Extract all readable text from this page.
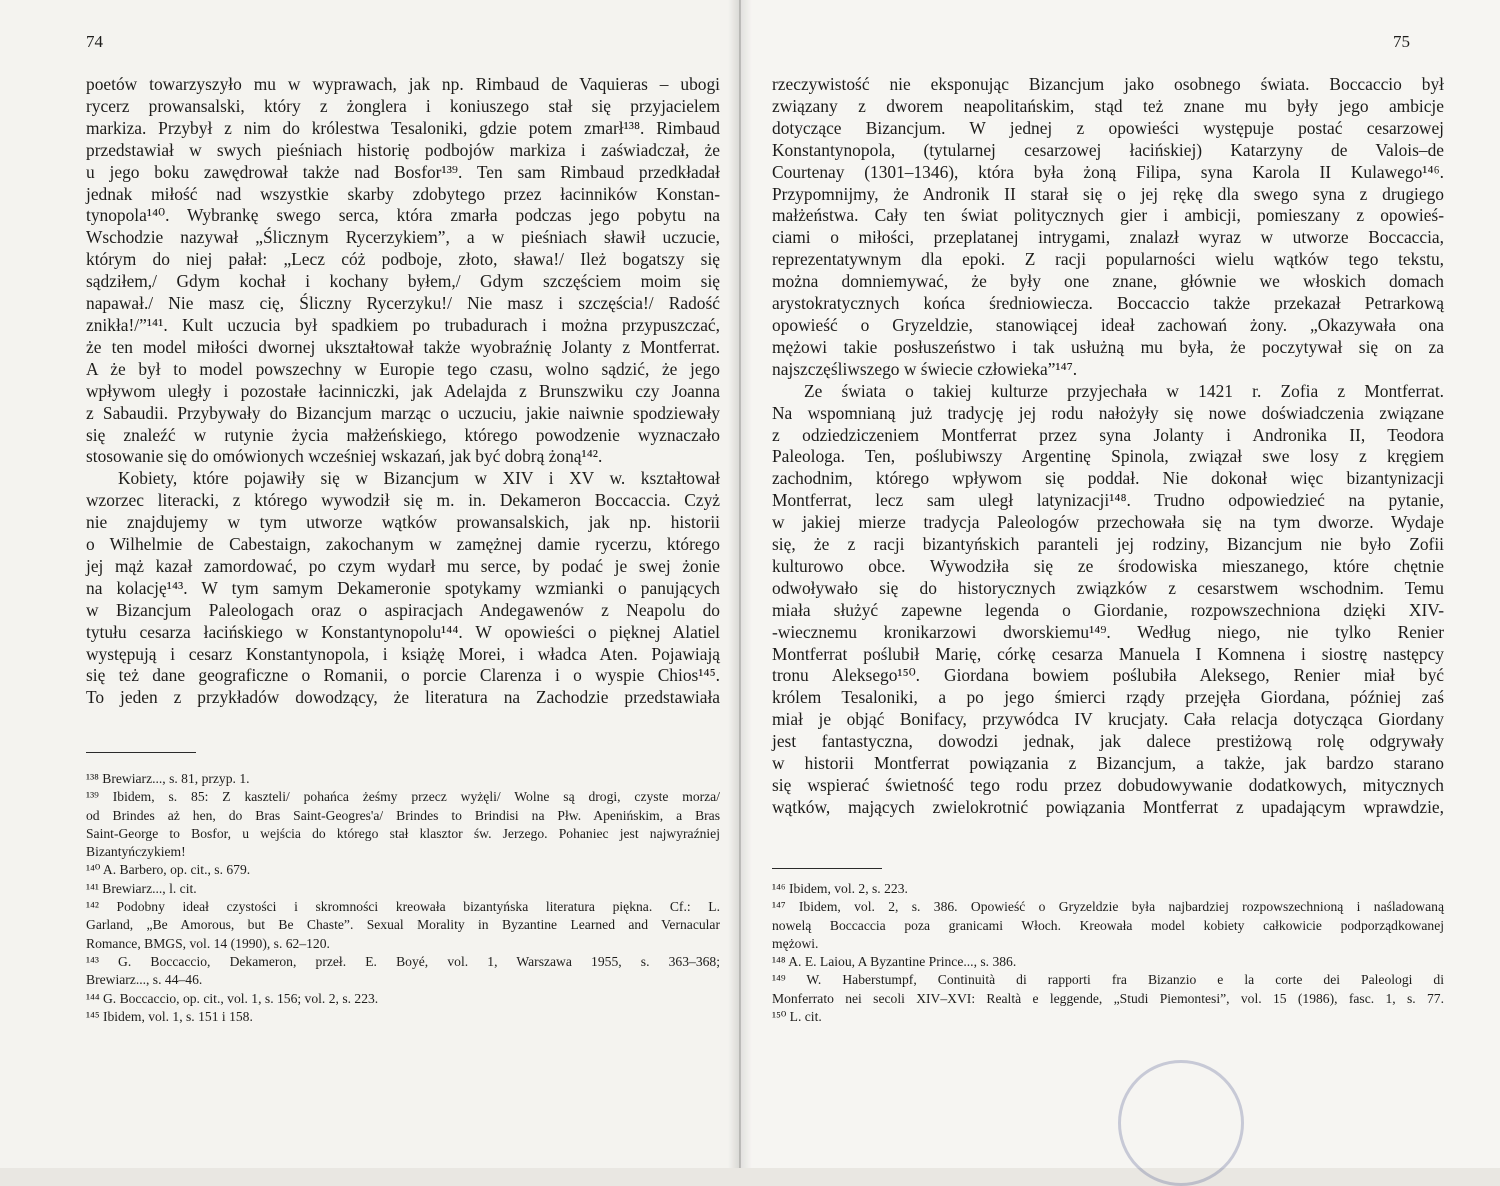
74
poetów towarzyszyło mu w wyprawach, jak np. Rimbaud de Vaquieras – ubogi
rycerz prowansalski, który z żonglera i koniuszego stał się przyjacielem
markiza. Przybył z nim do królestwa Tesaloniki, gdzie potem zmarł¹³⁸. Rimbaud
przedstawiał w swych pieśniach historię podbojów markiza i zaświadczał, że
u jego boku zawędrował także nad Bosfor¹³⁹. Ten sam Rimbaud przedkładał
jednak miłość nad wszystkie skarby zdobytego przez łacinników Konstan-
tynopola¹⁴⁰. Wybrankę swego serca, która zmarła podczas jego pobytu na
Wschodzie nazywał „Ślicznym Rycerzykiem”, a w pieśniach sławił uczucie,
którym do niej pałał: „Lecz cóż podboje, złoto, sława!/ Ileż bogatszy się
sądziłem,/ Gdym kochał i kochany byłem,/ Gdym szczęściem moim się
napawał./ Nie masz cię, Śliczny Rycerzyku!/ Nie masz i szczęścia!/ Radość
znikła!/”¹⁴¹. Kult uczucia był spadkiem po trubadurach i można przypuszczać,
że ten model miłości dwornej ukształtował także wyobraźnię Jolanty z Montferrat.
A że był to model powszechny w Europie tego czasu, wolno sądzić, że jego
wpływom uległy i pozostałe łacinniczki, jak Adelajda z Brunszwiku czy Joanna
z Sabaudii. Przybywały do Bizancjum marząc o uczuciu, jakie naiwnie spodziewały
się znaleźć w rutynie życia małżeńskiego, którego powodzenie wyznaczało
stosowanie się do omówionych wcześniej wskazań, jak być dobrą żoną¹⁴².
Kobiety, które pojawiły się w Bizancjum w XIV i XV w. kształtował
wzorzec literacki, z którego wywodził się m. in. Dekameron Boccaccia. Czyż
nie znajdujemy w tym utworze wątków prowansalskich, jak np. historii
o Wilhelmie de Cabestaign, zakochanym w zamężnej damie rycerzu, którego
jej mąż kazał zamordować, po czym wydarł mu serce, by podać je swej żonie
na kolację¹⁴³. W tym samym Dekameronie spotykamy wzmianki o panujących
w Bizancjum Paleologach oraz o aspiracjach Andegawenów z Neapolu do
tytułu cesarza łacińskiego w Konstantynopolu¹⁴⁴. W opowieści o pięknej Alatiel
występują i cesarz Konstantynopola, i książę Morei, i władca Aten. Pojawiają
się też dane geograficzne o Romanii, o porcie Clarenza i o wyspie Chios¹⁴⁵.
To jeden z przykładów dowodzący, że literatura na Zachodzie przedstawiała
¹³⁸ Brewiarz..., s. 81, przyp. 1.
¹³⁹ Ibidem, s. 85: Z kaszteli/ pohańca żeśmy przecz wyżęli/ Wolne są drogi, czyste morza/
od Brindes aż hen, do Bras Saint-Geogres'a/ Brindes to Brindisi na Płw. Apenińskim, a Bras
Saint-George to Bosfor, u wejścia do którego stał klasztor św. Jerzego. Pohaniec jest najwyraźniej
Bizantyńczykiem!
¹⁴⁰ A. Barbero, op. cit., s. 679.
¹⁴¹ Brewiarz..., l. cit.
¹⁴² Podobny ideał czystości i skromności kreowała bizantyńska literatura piękna. Cf.: L.
Garland, „Be Amorous, but Be Chaste”. Sexual Morality in Byzantine Learned and Vernacular
Romance, BMGS, vol. 14 (1990), s. 62–120.
¹⁴³ G. Boccaccio, Dekameron, przeł. E. Boyé, vol. 1, Warszawa 1955, s. 363–368;
Brewiarz..., s. 44–46.
¹⁴⁴ G. Boccaccio, op. cit., vol. 1, s. 156; vol. 2, s. 223.
¹⁴⁵ Ibidem, vol. 1, s. 151 i 158.
75
rzeczywistość nie eksponując Bizancjum jako osobnego świata. Boccaccio był
związany z dworem neapolitańskim, stąd też znane mu były jego ambicje
dotyczące Bizancjum. W jednej z opowieści występuje postać cesarzowej
Konstantynopola, (tytularnej cesarzowej łacińskiej) Katarzyny de Valois–de
Courtenay (1301–1346), która była żoną Filipa, syna Karola II Kulawego¹⁴⁶.
Przypomnijmy, że Andronik II starał się o jej rękę dla swego syna z drugiego
małżeństwa. Cały ten świat politycznych gier i ambicji, pomieszany z opowieś-
ciami o miłości, przeplatanej intrygami, znalazł wyraz w utworze Boccaccia,
reprezentatywnym dla epoki. Z racji popularności wielu wątków tego tekstu,
można domniemywać, że były one znane, głównie we włoskich domach
arystokratycznych końca średniowiecza. Boccaccio także przekazał Petrarkową
opowieść o Gryzeldzie, stanowiącej ideał zachowań żony. „Okazywała ona
mężowi takie posłuszeństwo i tak usłużną mu była, że poczytywał się on za
najszczęśliwszego w świecie człowieka”¹⁴⁷.
Ze świata o takiej kulturze przyjechała w 1421 r. Zofia z Montferrat.
Na wspomnianą już tradycję jej rodu nałożyły się nowe doświadczenia związane
z odziedziczeniem Montferrat przez syna Jolanty i Andronika II, Teodora
Paleologa. Ten, poślubiwszy Argentinę Spinola, związał swe losy z kręgiem
zachodnim, którego wpływom się poddał. Nie dokonał więc bizantynizacji
Montferrat, lecz sam uległ latynizacji¹⁴⁸. Trudno odpowiedzieć na pytanie,
w jakiej mierze tradycja Paleologów przechowała się na tym dworze. Wydaje
się, że z racji bizantyńskich paranteli jej rodziny, Bizancjum nie było Zofii
kulturowo obce. Wywodziła się ze środowiska mieszanego, które chętnie
odwoływało się do historycznych związków z cesarstwem wschodnim. Temu
miała służyć zapewne legenda o Giordanie, rozpowszechniona dzięki XIV-
-wiecznemu kronikarzowi dworskiemu¹⁴⁹. Według niego, nie tylko Renier
Montferrat poślubił Marię, córkę cesarza Manuela I Komnena i siostrę następcy
tronu Aleksego¹⁵⁰. Giordana bowiem poślubiła Aleksego, Renier miał być
królem Tesaloniki, a po jego śmierci rządy przejęła Giordana, później zaś
miał je objąć Bonifacy, przywódca IV krucjaty. Cała relacja dotycząca Giordany
jest fantastyczna, dowodzi jednak, jak dalece prestiżową rolę odgrywały
w historii Montferrat powiązania z Bizancjum, a także, jak bardzo starano
się wspierać świetność tego rodu przez dobudowywanie dodatkowych, mitycznych
wątków, mających zwielokrotnić powiązania Montferrat z upadającym wprawdzie,
¹⁴⁶ Ibidem, vol. 2, s. 223.
¹⁴⁷ Ibidem, vol. 2, s. 386. Opowieść o Gryzeldzie była najbardziej rozpowszechnioną i naśladowaną
nowelą Boccaccia poza granicami Włoch. Kreowała model kobiety całkowicie podporządkowanej
mężowi.
¹⁴⁸ A. E. Laiou, A Byzantine Prince..., s. 386.
¹⁴⁹ W. Haberstumpf, Continuità di rapporti fra Bizanzio e la corte dei Paleologi di
Monferrato nei secoli XIV–XVI: Realtà e leggende, „Studi Piemontesi”, vol. 15 (1986), fasc. 1, s. 77.
¹⁵⁰ L. cit.
